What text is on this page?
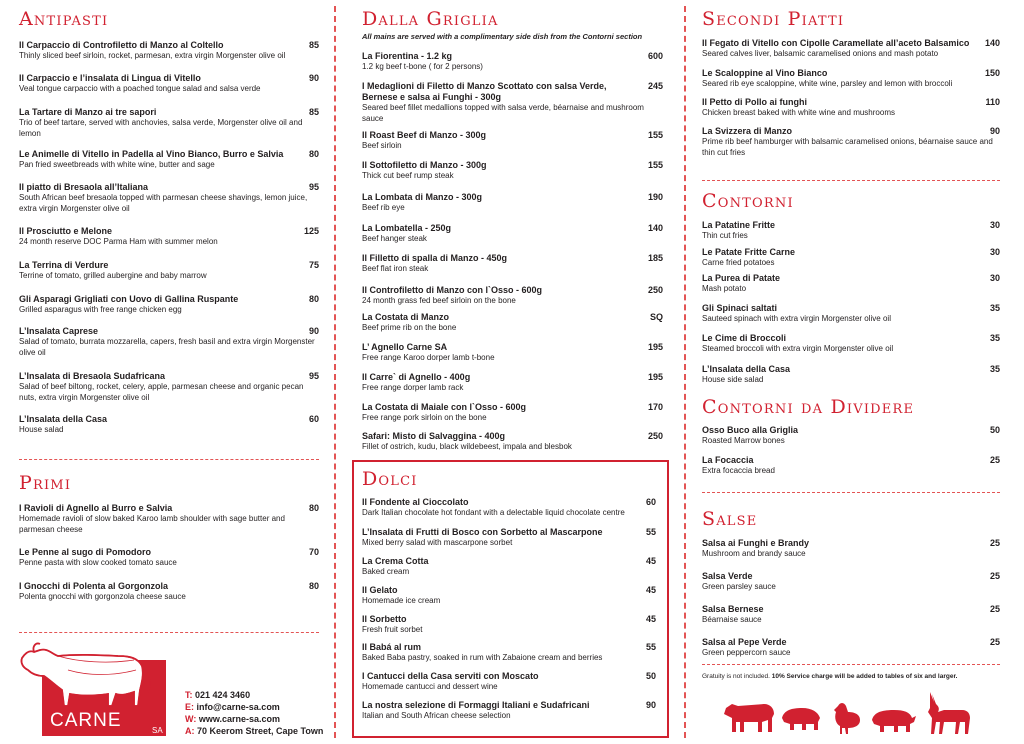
Antipasti
Il Carpaccio di Controfiletto di Manzo al Coltello	85
Thinly sliced beef sirloin, rocket, parmesan, extra virgin Morgenster olive oil
Il Carpaccio e l’insalata di Lingua di Vitello	90
Veal tongue carpaccio with a poached tongue salad and salsa verde
La Tartare di Manzo ai tre sapori	85
Trio of beef tartare, served with anchovies, salsa verde, Morgenster olive oil and lemon
Le Animelle di Vitello in Padella al Vino Bianco, Burro e Salvia	80
Pan fried sweetbreads with white wine, butter and sage
Il piatto di Bresaola all’Italiana	95
South African beef bresaola topped with parmesan cheese shavings, lemon juice, extra virgin Morgenster olive oil
Il Prosciutto e Melone	125
24 month reserve DOC Parma Ham with summer melon
La Terrina di Verdure	75
Terrine of tomato, grilled aubergine and baby marrow
Gli Asparagi Grigliati con Uovo di Gallina Ruspante	80
Grilled asparagus with free range chicken egg
L’Insalata Caprese	90
Salad of tomato, burrata mozzarella, capers, fresh basil and extra virgin Morgenster olive oil
L’Insalata di Bresaola Sudafricana	95
Salad of beef biltong, rocket, celery, apple, parmesan cheese and organic pecan nuts, extra virgin Morgenster olive oil
L’Insalata della Casa	60
House salad
Primi
I Ravioli di Agnello al Burro e Salvia	80
Homemade ravioli of slow baked Karoo lamb shoulder with sage butter and parmesan cheese
Le Penne al sugo di Pomodoro	70
Penne pasta with slow cooked tomato sauce
I Gnocchi di Polenta al Gorgonzola	80
Polenta gnocchi with gorgonzola cheese sauce
Dalla Griglia
All mains are served with a complimentary side dish from the Contorni section
La Fiorentina - 1.2 kg	600
1.2 kg beef t-bone ( for 2 persons)
I Medaglioni di Filetto di Manzo Scottato con salsa Verde, Bernese e salsa ai Funghi - 300g
245
Seared beef fillet medallions topped with salsa verde, béarnaise and mushroom sauce
Il Roast Beef di Manzo - 300g	155
Beef sirloin
Il Sottofiletto di Manzo - 300g	155
Thick cut beef rump steak
La Lombata di Manzo - 300g	190
Beef rib eye
La Lombatella - 250g	140
Beef hanger steak
Il Filletto di spalla di Manzo - 450g	185
Beef flat iron steak
Il Controfiletto di Manzo con l`Osso - 600g	250
24 month grass fed beef sirloin on the bone
La Costata di Manzo	SQ
Beef prime rib on the bone
L’ Agnello Carne SA	195
Free range Karoo dorper lamb t-bone
Il Carre` di Agnello - 400g	195
Free range dorper lamb rack
La Costata di Maiale con l`Osso - 600g	170
Free range pork sirloin on the bone
Safari: Misto di Salvaggina - 400g	250
Fillet of ostrich, kudu, black wildebeest, impala and blesbok
Dolci
Il Fondente al Cioccolato	60
Dark Italian chocolate hot fondant with a delectable liquid chocolate centre
L’Insalata di Frutti di Bosco con Sorbetto al Mascarpone	55
Mixed berry salad with mascarpone sorbet
La Crema Cotta	45
Baked cream
Il Gelato	45
Homemade ice cream
Il Sorbetto	45
Fresh fruit sorbet
Il Babá al rum	55
Baked Baba pastry, soaked in rum with Zabaione cream and berries
I Cantucci della Casa serviti con Moscato	50
Homemade cantucci and dessert wine
La nostra selezione di Formaggi Italiani e Sudafricani	90
Italian and South African cheese selection
Secondi Piatti
Il Fegato di Vitello con Cipolle Caramellate all’aceto Balsamico	140
Seared calves liver, balsamic caramelised onions and mash potato
Le Scaloppine al Vino Bianco	150
Seared rib eye scaloppine, white wine, parsley and lemon with broccoli
Il Petto di Pollo ai funghi	110
Chicken breast baked with white wine and mushrooms
La Svizzera di Manzo	90
Prime rib beef hamburger with balsamic caramelised onions, béarnaise sauce and thin cut fries
Contorni
La Patatine Fritte	30
Thin cut fries
Le Patate Fritte Carne	30
Carne fried potatoes
La Purea di Patate	30
Mash potato
Gli Spinaci saltati	35
Sauteed spinach with extra virgin Morgenster olive oil
Le Cime di Broccoli	35
Steamed broccoli with extra virgin Morgenster olive oil
L’Insalata della Casa	35
House side salad
Contorni da Dividere
Osso Buco alla Griglia	50
Roasted Marrow bones
La Focaccia	25
Extra focaccia bread
Salse
Salsa ai Funghi e Brandy	25
Mushroom and brandy sauce
Salsa Verde	25
Green parsley sauce
Salsa Bernese	25
Béarnaise sauce
Salsa al Pepe Verde	25
Green peppercorn sauce
Gratuity is not included. 10% Service charge will be added to tables of six and larger.
T: 021 424 3460
E: info@carne-sa.com
W: www.carne-sa.com
A: 70 Keerom Street, Cape Town
CARNE	SA
